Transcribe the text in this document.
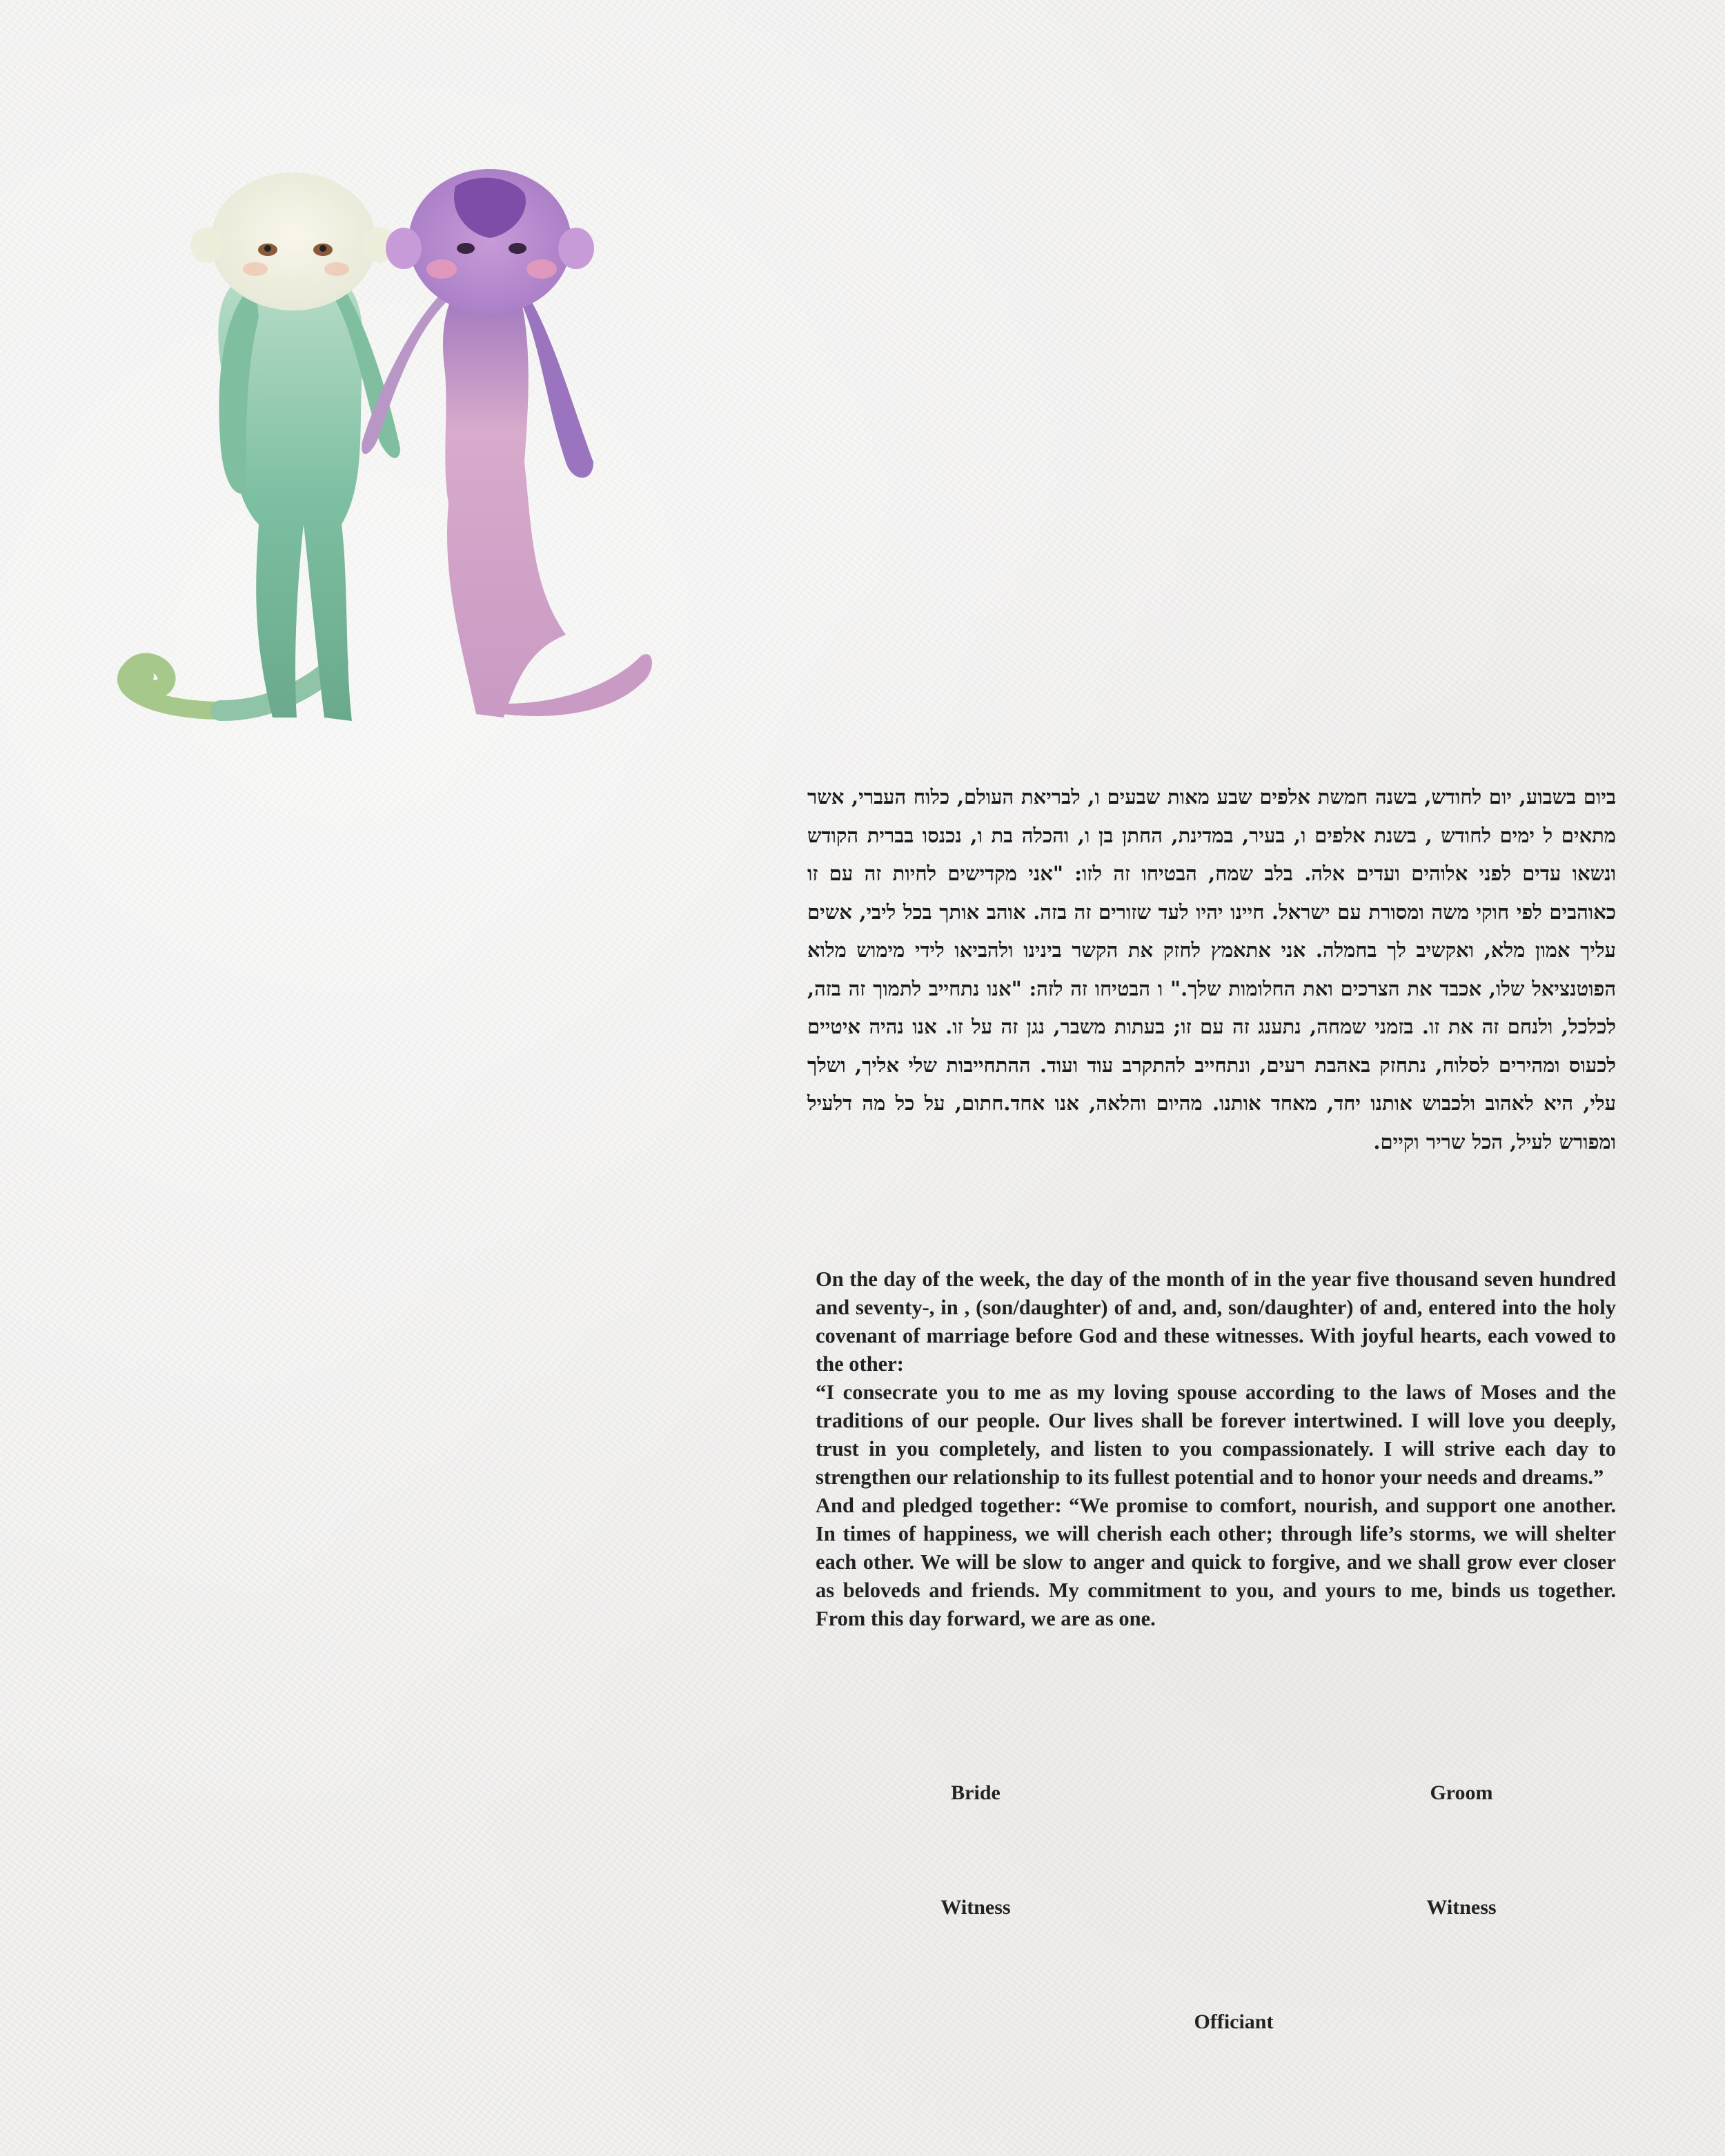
ביום בשבוע, יום לחודש, בשנה חמשת אלפים שבע מאות שבעים ו, לבריאת העולם, כלוח העברי, אשר מתאים ל ימים לחודש , בשנת אלפים ו, בעיר, במדינת, החתן בן ו, והכלה בת ו, נכנסו בברית הקודש ונשאו עדים לפני אלוהים ועדים אלה. בלב שמח, הבטיחו זה לזו: "אני מקדישים לחיות זה עם זו כאוהבים לפי חוקי משה ומסורת עם ישראל. חיינו יהיו לעד שזורים זה בזה. אוהב אותך בכל ליבי, אשים עליך אמון מלא, ואקשיב לך בחמלה. אני אתאמץ לחזק את הקשר בינינו ולהביאו לידי מימוש מלוא הפוטנציאל שלו, אכבד את הצרכים ואת החלומות שלך." ו הבטיחו זה לזה: "אנו נתחייב לתמוך זה בזה, לכלכל, ולנחם זה את זו. בזמני שמחה, נתענג זה עם זו; בעתות משבר, נגן זה על זו. אנו נהיה איטיים לכעוס ומהירים לסלוח, נתחזק באהבת רעים, ונתחייב להתקרב עוד ועוד. ההתחייבות שלי אליך, ושלך עלי, היא לאהוב ולכבוש אותנו יחד, מאחד אותנו. מהיום והלאה, אנו אחד.חתום, על כל מה דלעיל ומפורש לעיל, הכל שריר וקיים.

On the day of the week, the day of the month of in the year five thousand seven hundred and seventy-, in , (son/daughter) of and, and, son/daughter) of and, entered into the holy covenant of marriage before God and these witnesses. With joyful hearts, each vowed to the other:

“I consecrate you to me as my loving spouse according to the laws of Moses and the traditions of our people. Our lives shall be forever intertwined. I will love you deeply, trust in you completely, and listen to you compassionately. I will strive each day to strengthen our relationship to its fullest potential and to honor your needs and dreams.”

And and pledged together: “We promise to comfort, nourish, and support one another. In times of happiness, we will cherish each other; through life’s storms, we will shelter each other. We will be slow to anger and quick to forgive, and we shall grow ever closer as beloveds and friends. My commitment to you, and yours to me, binds us together. From this day forward, we are as one.

Bride	Groom
Witness	Witness
Officiant
